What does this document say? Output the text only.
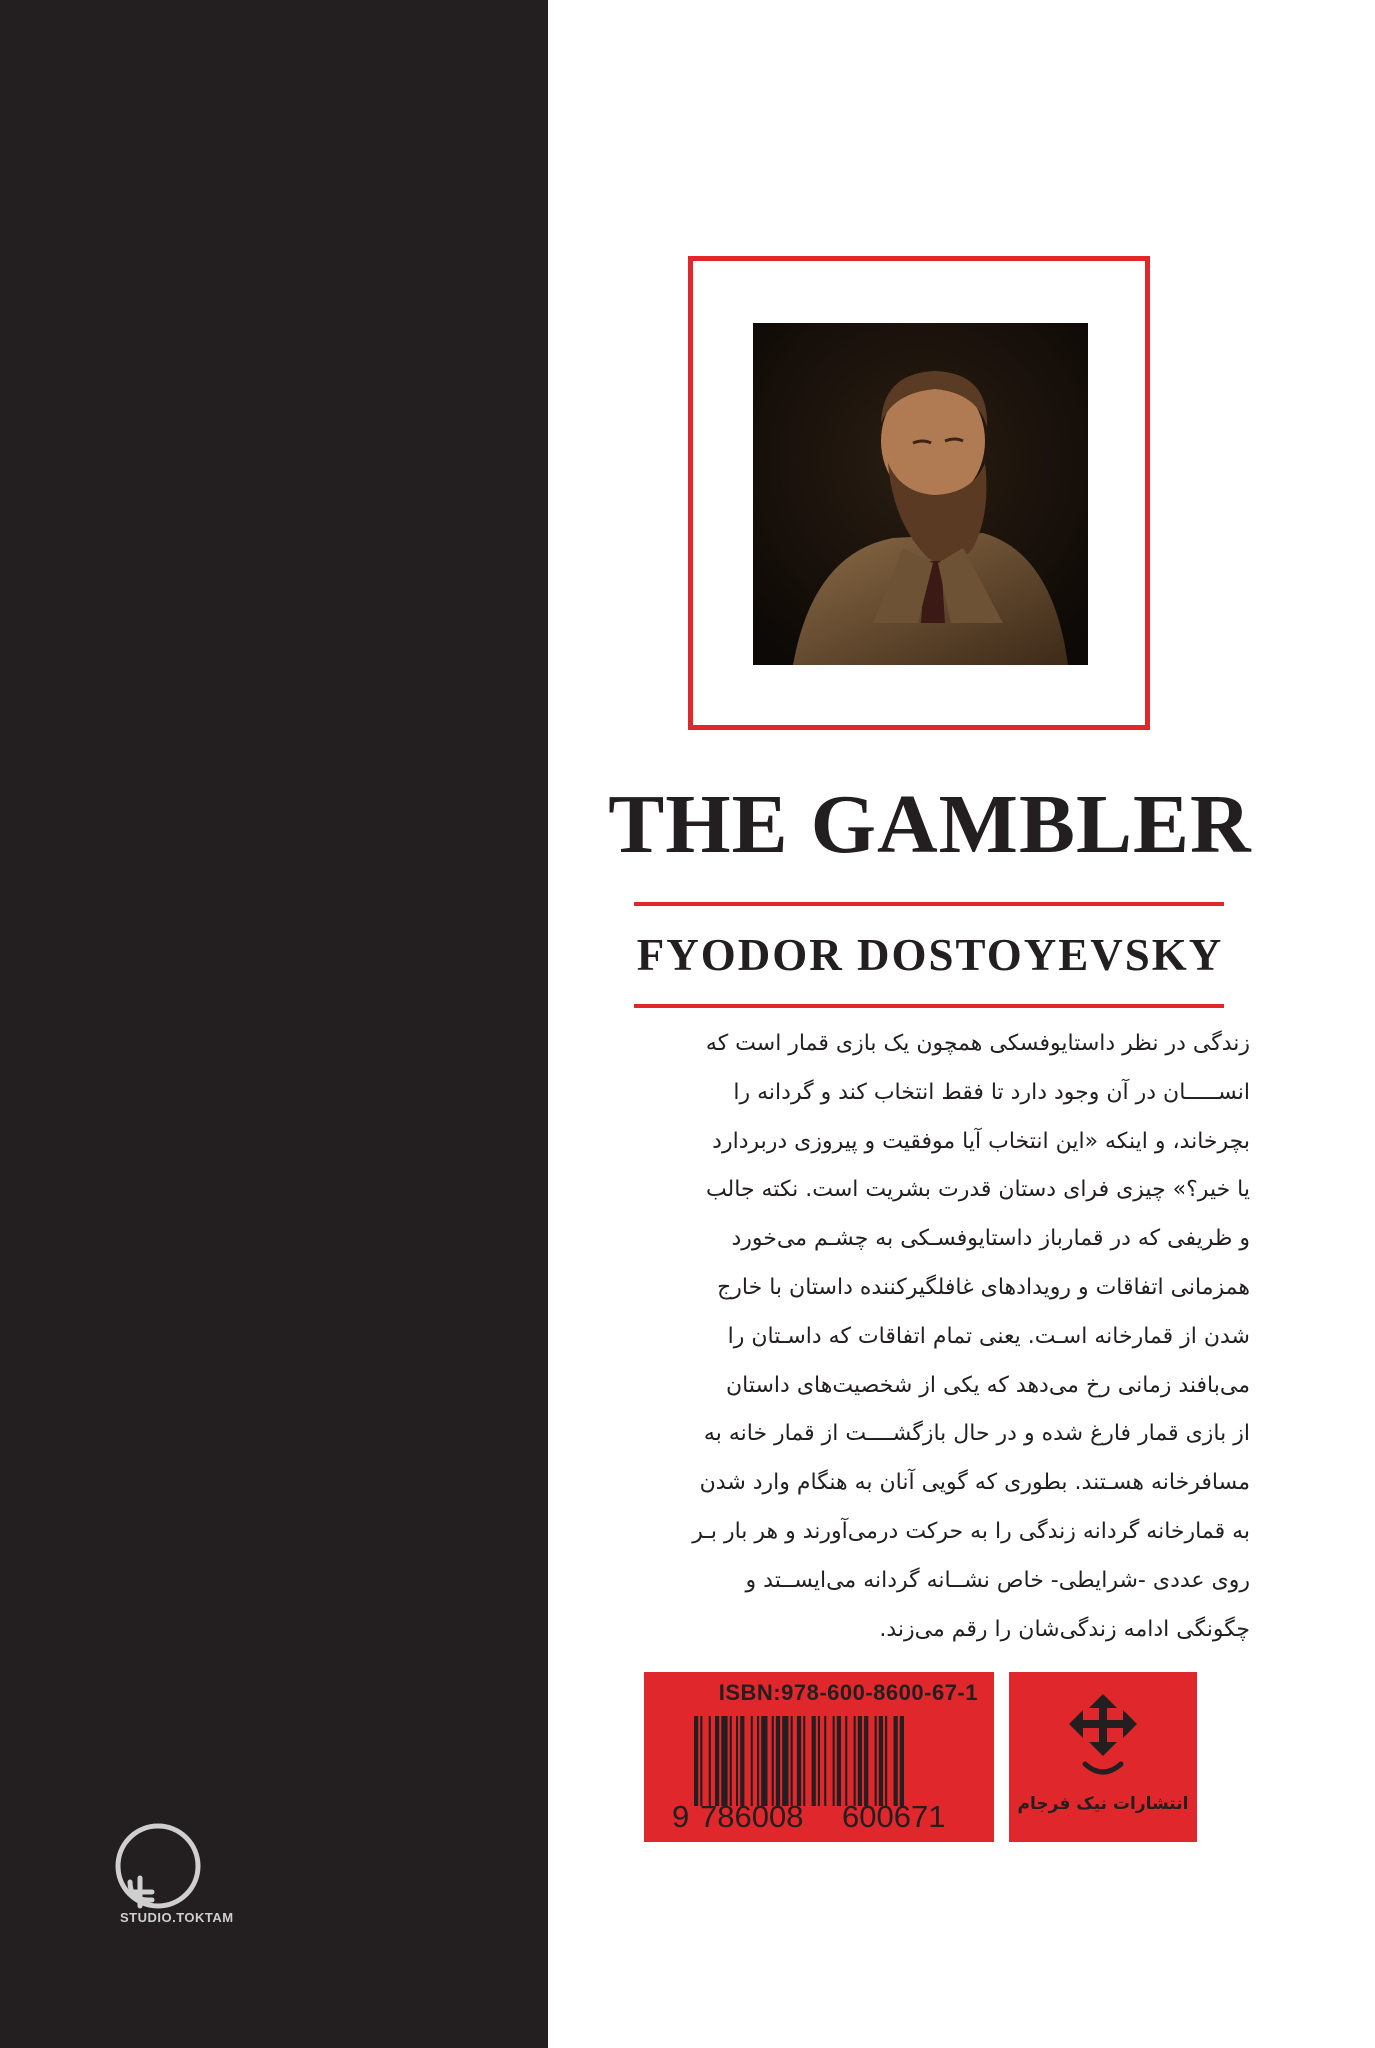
STUDIO.TOKTAM
THE GAMBLER
FYODOR DOSTOYEVSKY
زندگی در نظر داستایوفسکی همچون یک بازی قمار است که
انســـــان در آن وجود دارد تا فقط انتخاب کند و گردانه را
بچرخاند، و اینکه «این انتخاب آیا موفقیت و پیروزی دربردارد
یا خیر؟» چیزی فرای دستان قدرت بشریت است. نکته جالب
و ظریفی که در قمارباز داستایوفسـکی به چشـم می‌خورد
همزمانی اتفاقات و رویدادهای غافلگیرکننده داستان با خارج
شدن از قمارخانه اسـت. یعنی تمام اتفاقات که داسـتان را
می‌بافند زمانی رخ می‌دهد که یکی از شخصیت‌های داستان
از بازی قمار فارغ شده و در حال بازگشــــت از قمار خانه به
مسافرخانه هسـتند. بطوری که گویی آنان به هنگام وارد شدن
به قمارخانه گردانه زندگی را به حرکت درمی‌آورند و هر بار بـر
روی عددی -شرایطی- خاص نشــانه گردانه می‌ایســتد و
چگونگی ادامه زندگی‌شان را رقم می‌زند.
ISBN:978-600-8600-67-1
9 786008 600671	انتشارات نیک فرجام
